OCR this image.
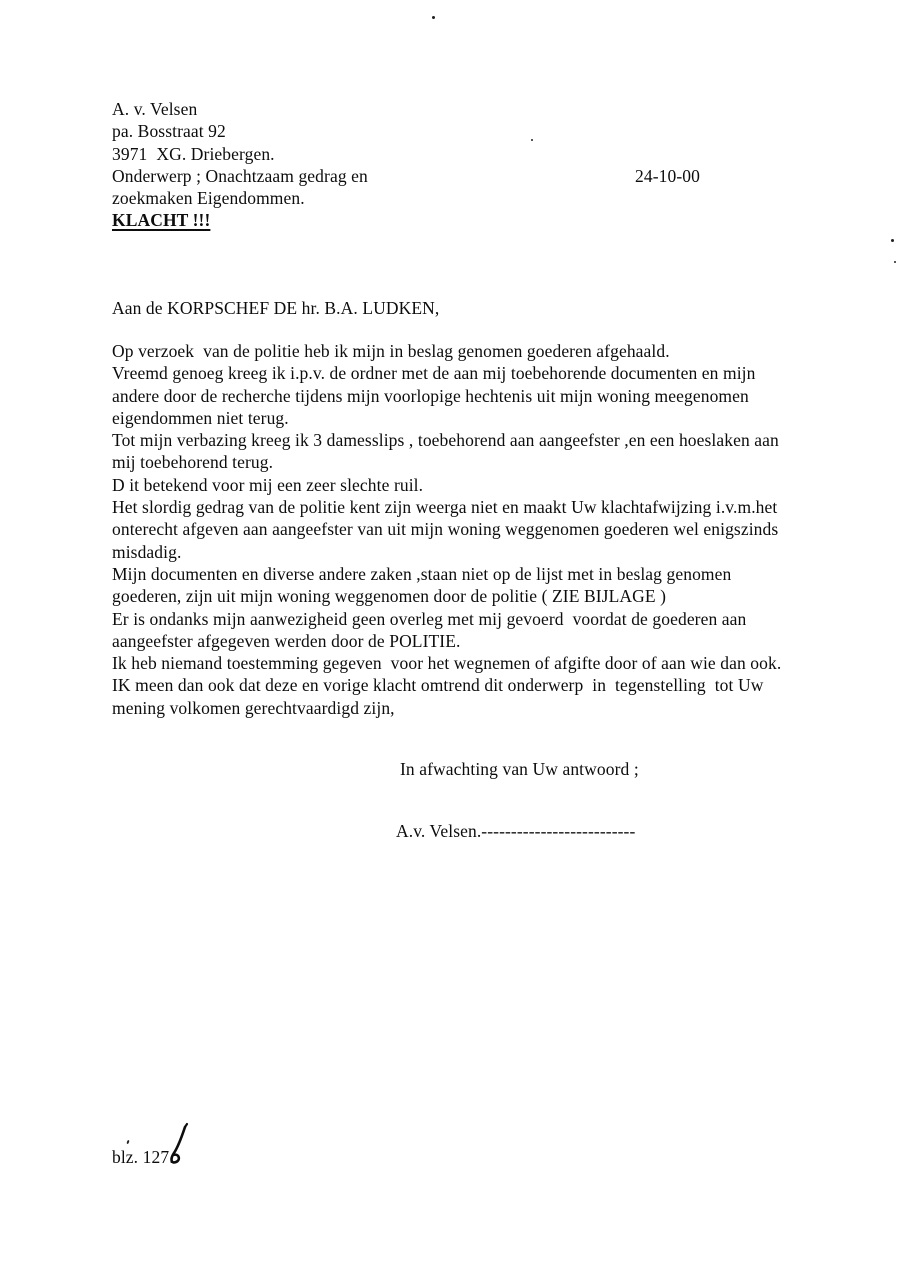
A. v. Velsen
pa. Bosstraat 92
3971  XG. Driebergen.
Onderwerp ; Onachtzaam gedrag en
zoekmaken Eigendommen.
KLACHT !!!
24-10-00
Aan de KORPSCHEF DE hr. B.A. LUDKEN,
Op verzoek  van de politie heb ik mijn in beslag genomen goederen afgehaald.
Vreemd genoeg kreeg ik i.p.v. de ordner met de aan mij toebehorende documenten en mijn
andere door de recherche tijdens mijn voorlopige hechtenis uit mijn woning meegenomen
eigendommen niet terug.
Tot mijn verbazing kreeg ik 3 damesslips , toebehorend aan aangeefster ,en een hoeslaken aan
mij toebehorend terug.
D it betekend voor mij een zeer slechte ruil.
Het slordig gedrag van de politie kent zijn weerga niet en maakt Uw klachtafwijzing i.v.m.het
onterecht afgeven aan aangeefster van uit mijn woning weggenomen goederen wel enigszinds
misdadig.
Mijn documenten en diverse andere zaken ,staan niet op de lijst met in beslag genomen
goederen, zijn uit mijn woning weggenomen door de politie ( ZIE BIJLAGE )
Er is ondanks mijn aanwezigheid geen overleg met mij gevoerd  voordat de goederen aan
aangeefster afgegeven werden door de POLITIE.
Ik heb niemand toestemming gegeven  voor het wegnemen of afgifte door of aan wie dan ook.
IK meen dan ook dat deze en vorige klacht omtrend dit onderwerp  in  tegenstelling  tot Uw
mening volkomen gerechtvaardigd zijn,
In afwachting van Uw antwoord ;
A.v. Velsen.--------------------------
blz. 127.
